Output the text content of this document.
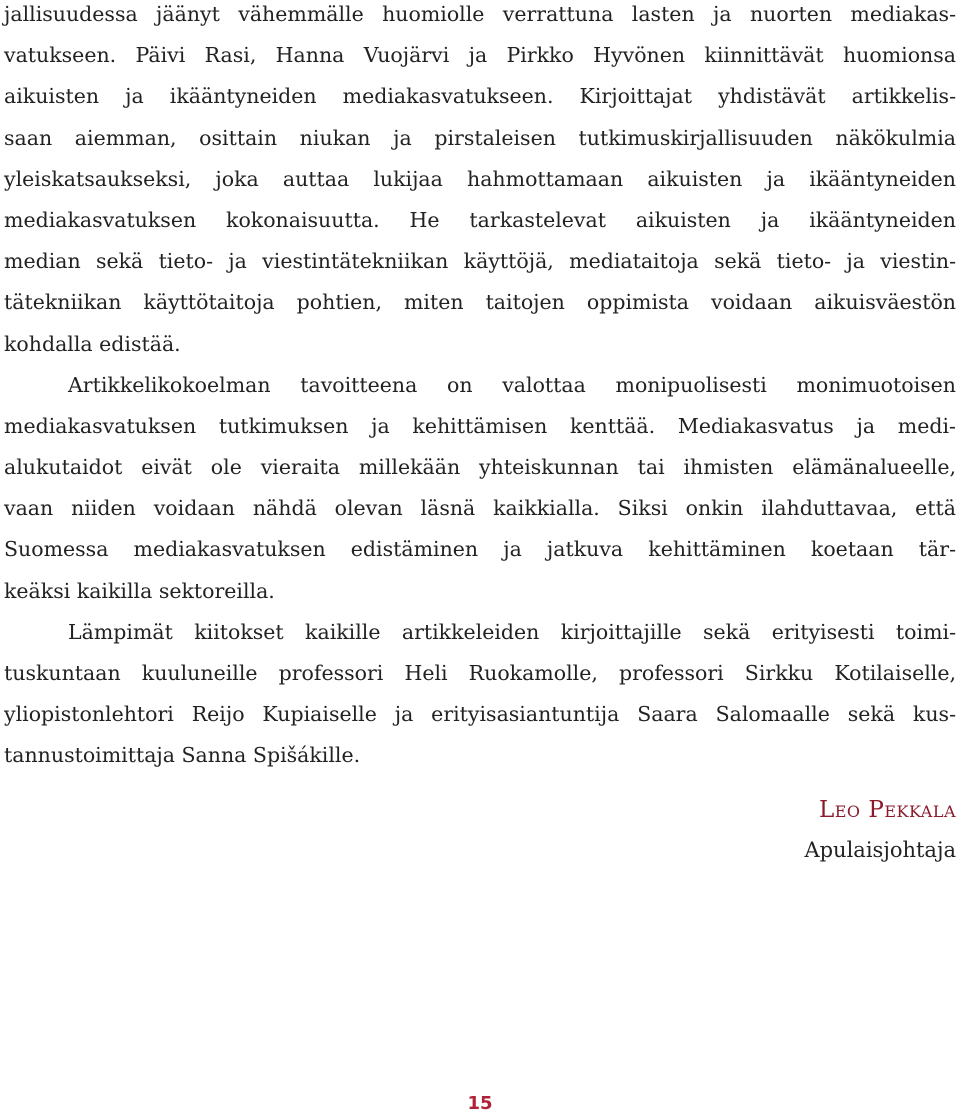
jallisuudessa jäänyt vähemmälle huomiolle verrattuna lasten ja nuorten mediakas-
vatukseen. Päivi Rasi, Hanna Vuojärvi ja Pirkko Hyvönen kiinnittävät huomionsa
aikuisten ja ikääntyneiden mediakasvatukseen. Kirjoittajat yhdistävät artikkelis-
saan aiemman, osittain niukan ja pirstaleisen tutkimuskirjallisuuden näkökulmia
yleiskatsaukseksi, joka auttaa lukijaa hahmottamaan aikuisten ja ikääntyneiden
mediakasvatuksen kokonaisuutta. He tarkastelevat aikuisten ja ikääntyneiden
median sekä tieto- ja viestintätekniikan käyttöjä, mediataitoja sekä tieto- ja viestin-
tätekniikan käyttötaitoja pohtien, miten taitojen oppimista voidaan aikuisväestön
kohdalla edistää.
Artikkelikokoelman tavoitteena on valottaa monipuolisesti monimuotoisen
mediakasvatuksen tutkimuksen ja kehittämisen kenttää. Mediakasvatus ja medi-
alukutaidot eivät ole vieraita millekään yhteiskunnan tai ihmisten elämänalueelle,
vaan niiden voidaan nähdä olevan läsnä kaikkialla. Siksi onkin ilahduttavaa, että
Suomessa mediakasvatuksen edistäminen ja jatkuva kehittäminen koetaan tär-
keäksi kaikilla sektoreilla.
Lämpimät kiitokset kaikille artikkeleiden kirjoittajille sekä erityisesti toimi-
tuskuntaan kuuluneille professori Heli Ruokamolle, professori Sirkku Kotilaiselle,
yliopistonlehtori Reijo Kupiaiselle ja erityisasiantuntija Saara Salomaalle sekä kus-
tannustoimittaja Sanna Spišákille.
Leo Pekkala
Apulaisjohtaja
15
